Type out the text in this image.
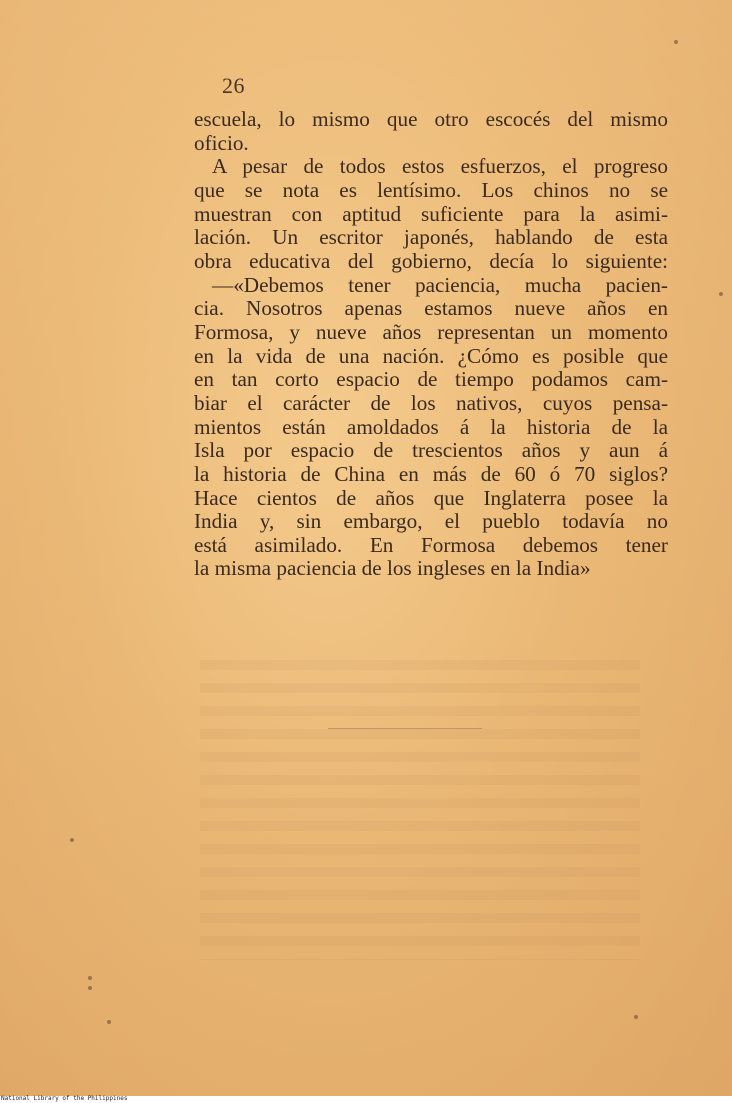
26
escuela, lo mismo que otro escocés del mismo
oficio.
A pesar de todos estos esfuerzos, el progreso
que se nota es lentísimo. Los chinos no se
muestran con aptitud suficiente para la asimi-
lación. Un escritor japonés, hablando de esta
obra educativa del gobierno, decía lo siguiente:
—«Debemos tener paciencia, mucha pacien-
cia. Nosotros apenas estamos nueve años en
Formosa, y nueve años representan un momento
en la vida de una nación. ¿Cómo es posible que
en tan corto espacio de tiempo podamos cam-
biar el carácter de los nativos, cuyos pensa-
mientos están amoldados á la historia de la
Isla por espacio de trescientos años y aun á
la historia de China en más de 60 ó 70 siglos?
Hace cientos de años que Inglaterra posee la
India y, sin embargo, el pueblo todavía no
está asimilado. En Formosa debemos tener
la misma paciencia de los ingleses en la India»
National Library of the Philippines
